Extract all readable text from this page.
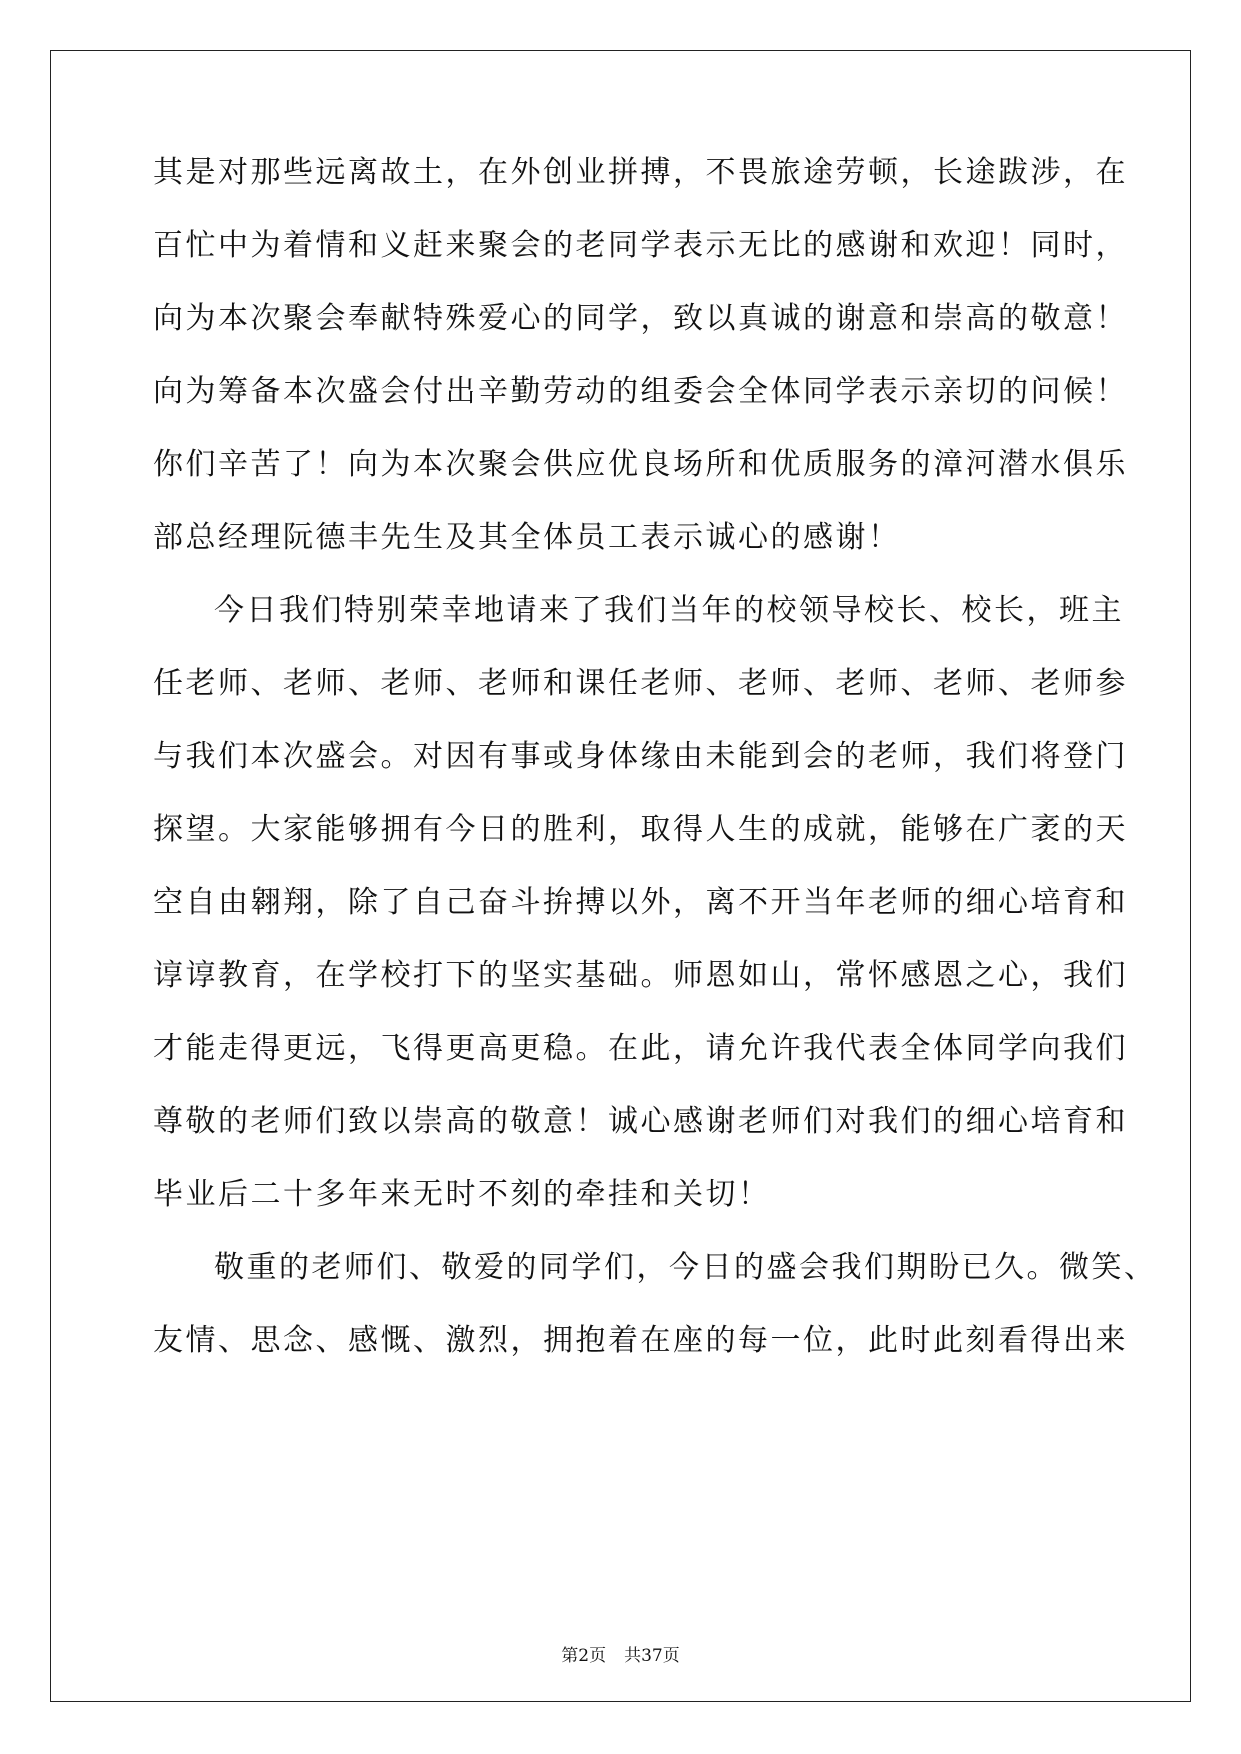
其是对那些远离故土，在外创业拼搏，不畏旅途劳顿，长途跋涉，在
百忙中为着情和义赶来聚会的老同学表示无比的感谢和欢迎！同时，
向为本次聚会奉献特殊爱心的同学，致以真诚的谢意和崇高的敬意！
向为筹备本次盛会付出辛勤劳动的组委会全体同学表示亲切的问候！
你们辛苦了！向为本次聚会供应优良场所和优质服务的漳河潜水俱乐
部总经理阮德丰先生及其全体员工表示诚心的感谢！
今日我们特别荣幸地请来了我们当年的校领导校长、校长，班主
任老师、老师、老师、老师和课任老师、老师、老师、老师、老师参
与我们本次盛会。对因有事或身体缘由未能到会的老师，我们将登门
探望。大家能够拥有今日的胜利，取得人生的成就，能够在广袤的天
空自由翱翔，除了自己奋斗拚搏以外，离不开当年老师的细心培育和
谆谆教育，在学校打下的坚实基础。师恩如山，常怀感恩之心，我们
才能走得更远，飞得更高更稳。在此，请允许我代表全体同学向我们
尊敬的老师们致以崇高的敬意！诚心感谢老师们对我们的细心培育和
毕业后二十多年来无时不刻的牵挂和关切！
敬重的老师们、敬爱的同学们，今日的盛会我们期盼已久。微笑、
友情、思念、感慨、激烈，拥抱着在座的每一位，此时此刻看得出来
第2页 共37页
